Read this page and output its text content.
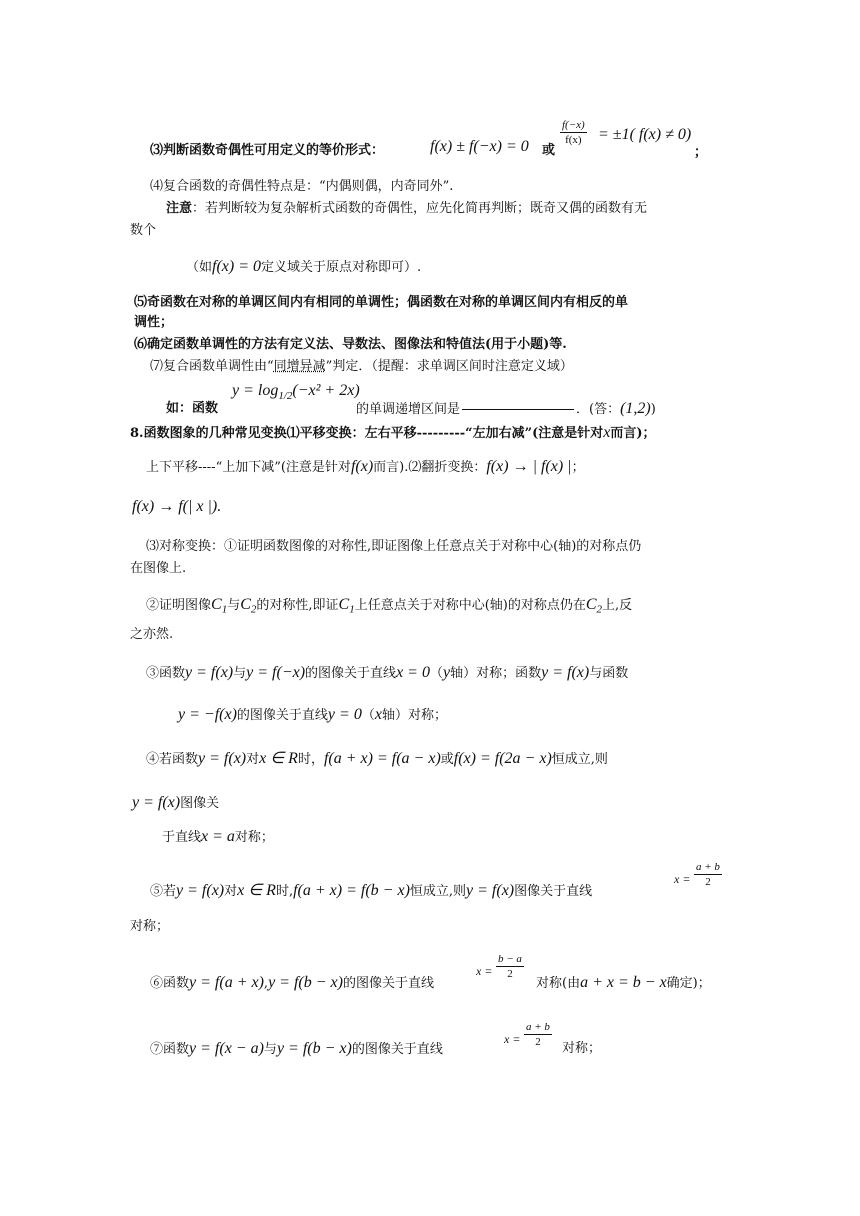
⑶判断函数奇偶性可用定义的等价形式：	f(x) ± f(−x) = 0 或
$\frac{f(-x)}{f(x)} = \pm 1$( f(x) ≠ 0)
；
⑷复合函数的奇偶性特点是：“内偶则偶，内奇同外”.
注意：若判断较为复杂解析式函数的奇偶性，应先化简再判断；既奇又偶的函数有无
数个
（如f(x) = 0定义域关于原点对称即可）.
⑸奇函数在对称的单调区间内有相同的单调性；偶函数在对称的单调区间内有相反的单
调性；
⑹确定函数单调性的方法有定义法、导数法、图像法和特值法(用于小题)等.
⑺复合函数单调性由“同增异减”判定．（提醒：求单调区间时注意定义域）
$y = \log_{1/2}(-x^2 + 2x)$
如：函数	的单调递增区间是	．(答：(1,2))
8.函数图象的几种常见变换⑴平移变换：左右平移---------“左加右减”(注意是针对x而言)；
上下平移----“上加下减”(注意是针对f(x)而言).⑵翻折变换：f(x) → | f(x) |；
f(x) → f(| x |).
⑶对称变换：①证明函数图像的对称性,即证图像上任意点关于对称中心(轴)的对称点仍
在图像上.
②证明图像$C_1$与$C_2$的对称性,即证$C_1$上任意点关于对称中心(轴)的对称点仍在$C_2$上,反
之亦然.
③函数y = f(x)与y = f(−x)的图像关于直线x = 0（y轴）对称；函数y = f(x)与函数
y = −f(x)的图像关于直线y = 0（x轴）对称；
④若函数y = f(x)对x ∈ R时，f(a + x) = f(a − x)或f(x) = f(2a − x)恒成立,则
y = f(x)图像关
于直线x = a对称；
⑤若y = f(x)对x ∈ R时,f(a + x) = f(b − x)恒成立,则y = f(x)图像关于直线
$x = \frac{a + b}{2}$
对称；
⑥函数y = f(a + x),y = f(b − x)的图像关于直线
$x = \frac{b - a}{2}$
对称(由a + x = b − x确定)；
⑦函数y = f(x − a)与y = f(b − x)的图像关于直线
$x = \frac{a + b}{2}$ 对称；
